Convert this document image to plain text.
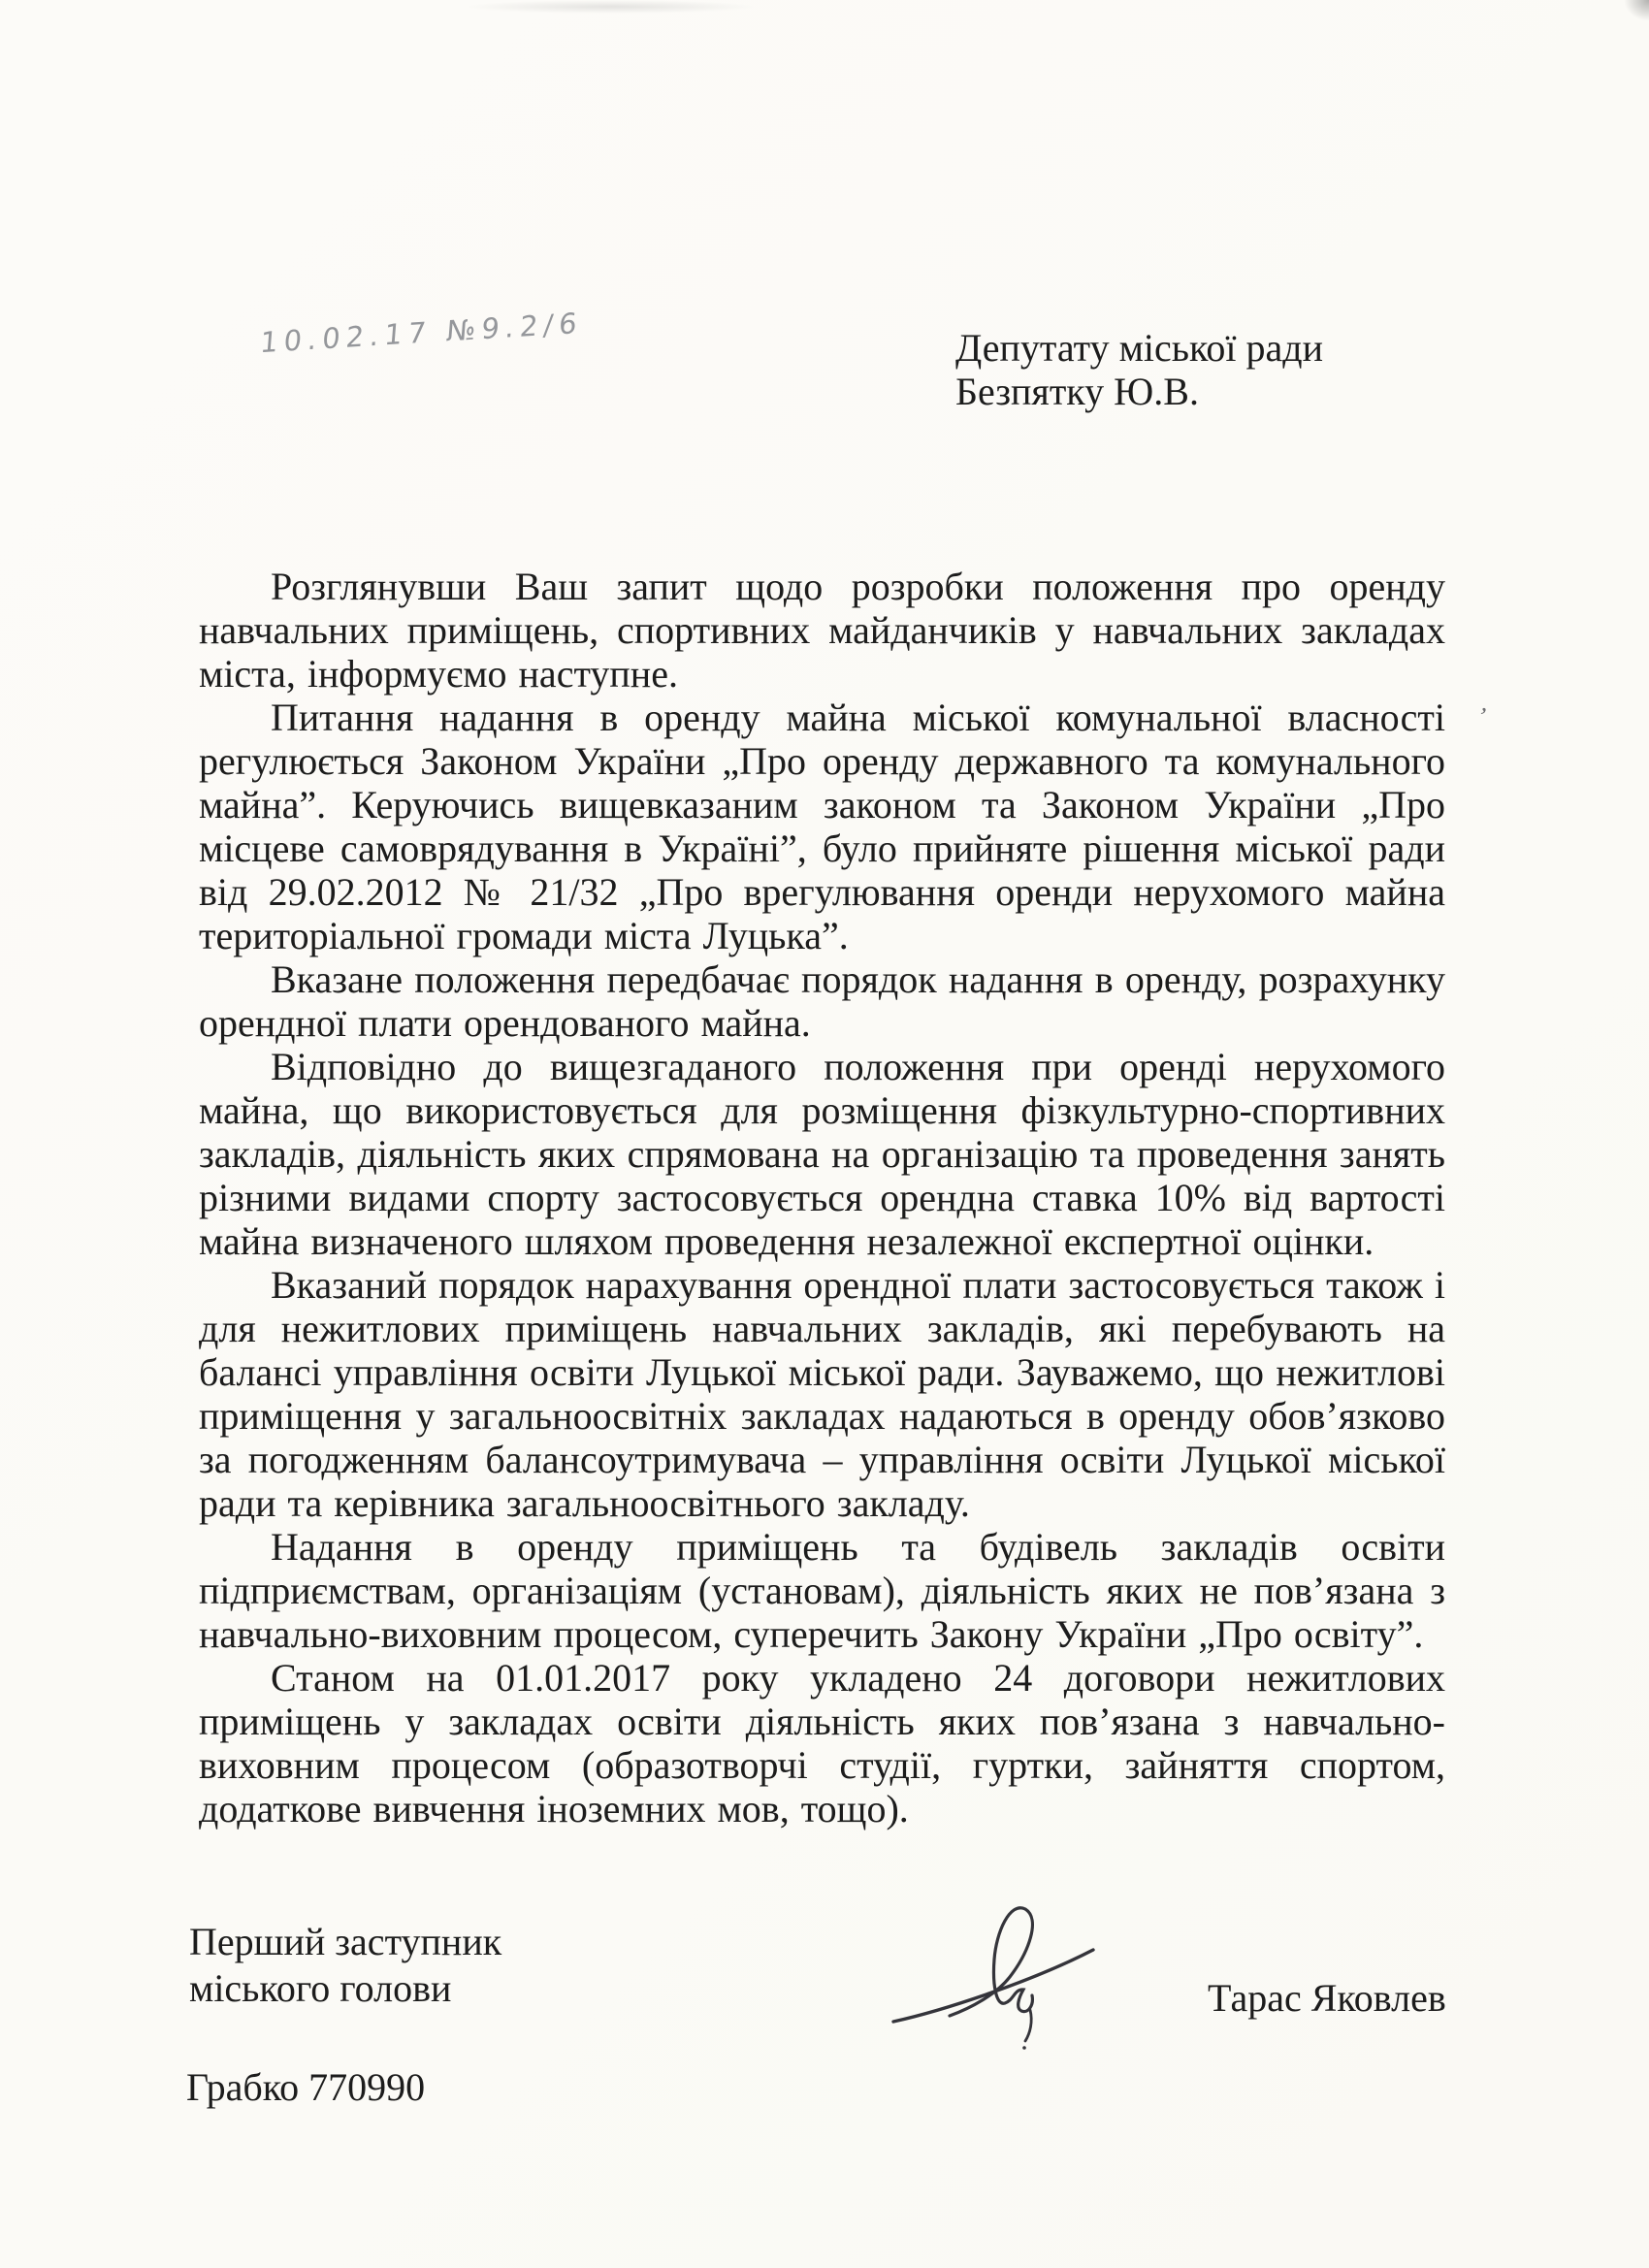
ʼ
10.02.17 №9.2/6	Депутату міської ради
Безпятку Ю.В.

Розглянувши Ваш запит щодо розробки положення про оренду навчальних приміщень, спортивних майданчиків у навчальних закладах міста, інформуємо наступне.

Питання надання в оренду майна міської комунальної власності регулюється Законом України „Про оренду державного та комунального майна”. Керуючись вищевказаним законом та Законом України „Про місцеве самоврядування в Україні”, було прийняте рішення міської ради від 29.02.2012 № 21/32 „Про врегулювання оренди нерухомого майна територіальної громади міста Луцька”.

Вказане положення передбачає порядок надання в оренду, розрахунку орендної плати орендованого майна.

Відповідно до вищезгаданого положення при оренді нерухомого майна, що використовується для розміщення фізкультурно-спортивних закладів, діяльність яких спрямована на організацію та проведення занять різними видами спорту застосовується орендна ставка 10% від вартості майна визначеного шляхом проведення незалежної експертної оцінки.

Вказаний порядок нарахування орендної плати застосовується також і для нежитлових приміщень навчальних закладів, які перебувають на балансі управління освіти Луцької міської ради. Зауважемо, що нежитлові приміщення у загальноосвітніх закладах надаються в оренду обов’язково за погодженням балансоутримувача – управління освіти Луцької міської ради та керівника загальноосвітнього закладу.

Надання в оренду приміщень та будівель закладів освіти підприємствам, організаціям (установам), діяльність яких не пов’язана з навчально-виховним процесом, суперечить Закону України „Про освіту”.

Станом на 01.01.2017 року укладено 24 договори нежитлових приміщень у закладах освіти діяльність яких пов’язана з навчально-виховним процесом (образотворчі студії, гуртки, зайняття спортом, додаткове вивчення іноземних мов, тощо).

Перший заступник
міського голови	Тарас Яковлев
Грабко 770990
